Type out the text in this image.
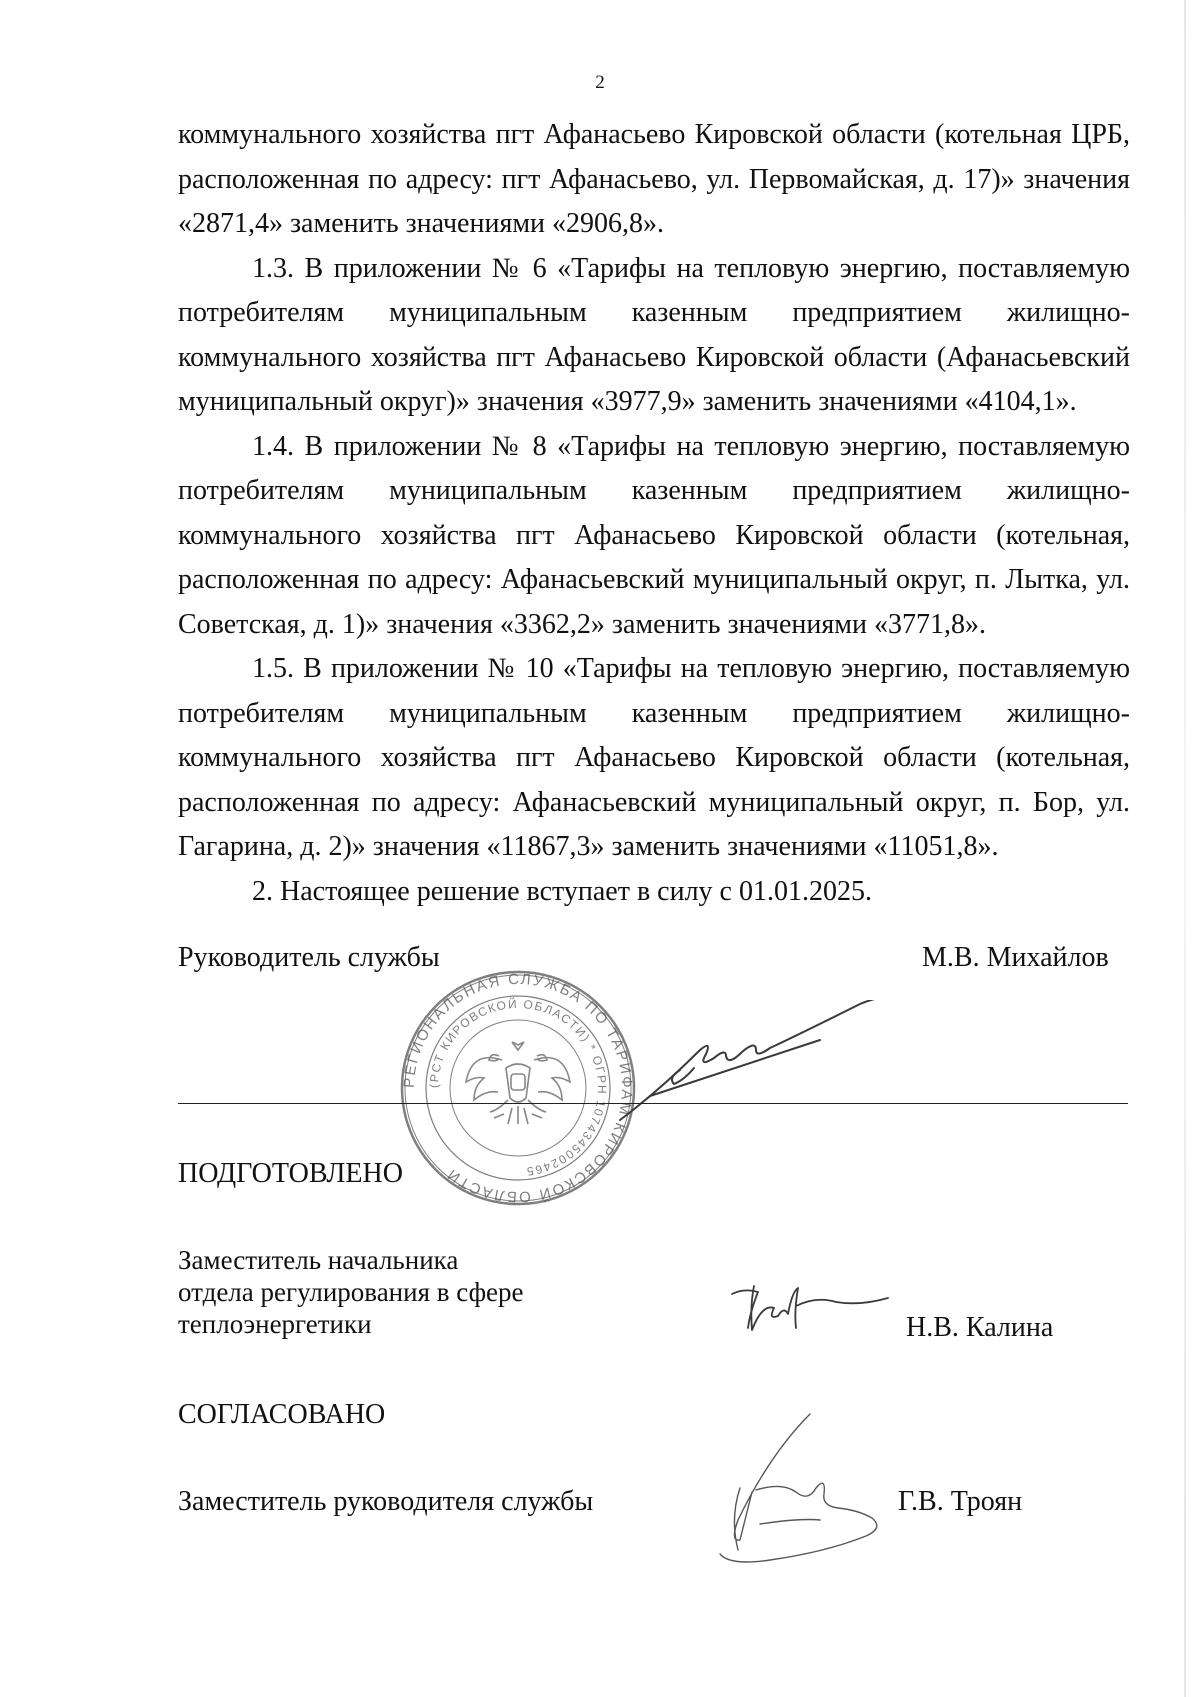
2

коммунального хозяйства пгт Афанасьево Кировской области (котельная ЦРБ, расположенная по адресу: пгт Афанасьево, ул. Первомайская, д. 17)» значения «2871,4» заменить значениями «2906,8».

1.3. В приложении № 6 «Тарифы на тепловую энергию, поставляемую потребителям муниципальным казенным предприятием жилищно-коммунального хозяйства пгт Афанасьево Кировской области (Афанасьевский муниципальный округ)» значения «3977,9» заменить значениями «4104,1».

1.4. В приложении № 8 «Тарифы на тепловую энергию, поставляемую потребителям муниципальным казенным предприятием жилищно-коммунального хозяйства пгт Афанасьево Кировской области (котельная, расположенная по адресу: Афанасьевский муниципальный округ, п. Лытка, ул. Советская, д. 1)» значения «3362,2» заменить значениями «3771,8».

1.5. В приложении № 10 «Тарифы на тепловую энергию, поставляемую потребителям муниципальным казенным предприятием жилищно-коммунального хозяйства пгт Афанасьево Кировской области (котельная, расположенная по адресу: Афанасьевский муниципальный округ, п. Бор, ул. Гагарина, д. 2)» значения «11867,3» заменить значениями «11051,8».

2. Настоящее решение вступает в силу с 01.01.2025.

РЕГИОНАЛЬНАЯ СЛУЖБА ПО ТАРИФАМ КИРОВСКОЙ ОБЛАСТИ
(РСТ КИРОВСКОЙ ОБЛАСТИ) * ОГРН 1074345002465
Руководитель службы	М.В. Михайлов
ПОДГОТОВЛЕНО
Заместитель начальника
отдела регулирования в сфере
теплоэнергетики	Н.В. Калина
СОГЛАСОВАНО
Заместитель руководителя службы	Г.В. Троян
